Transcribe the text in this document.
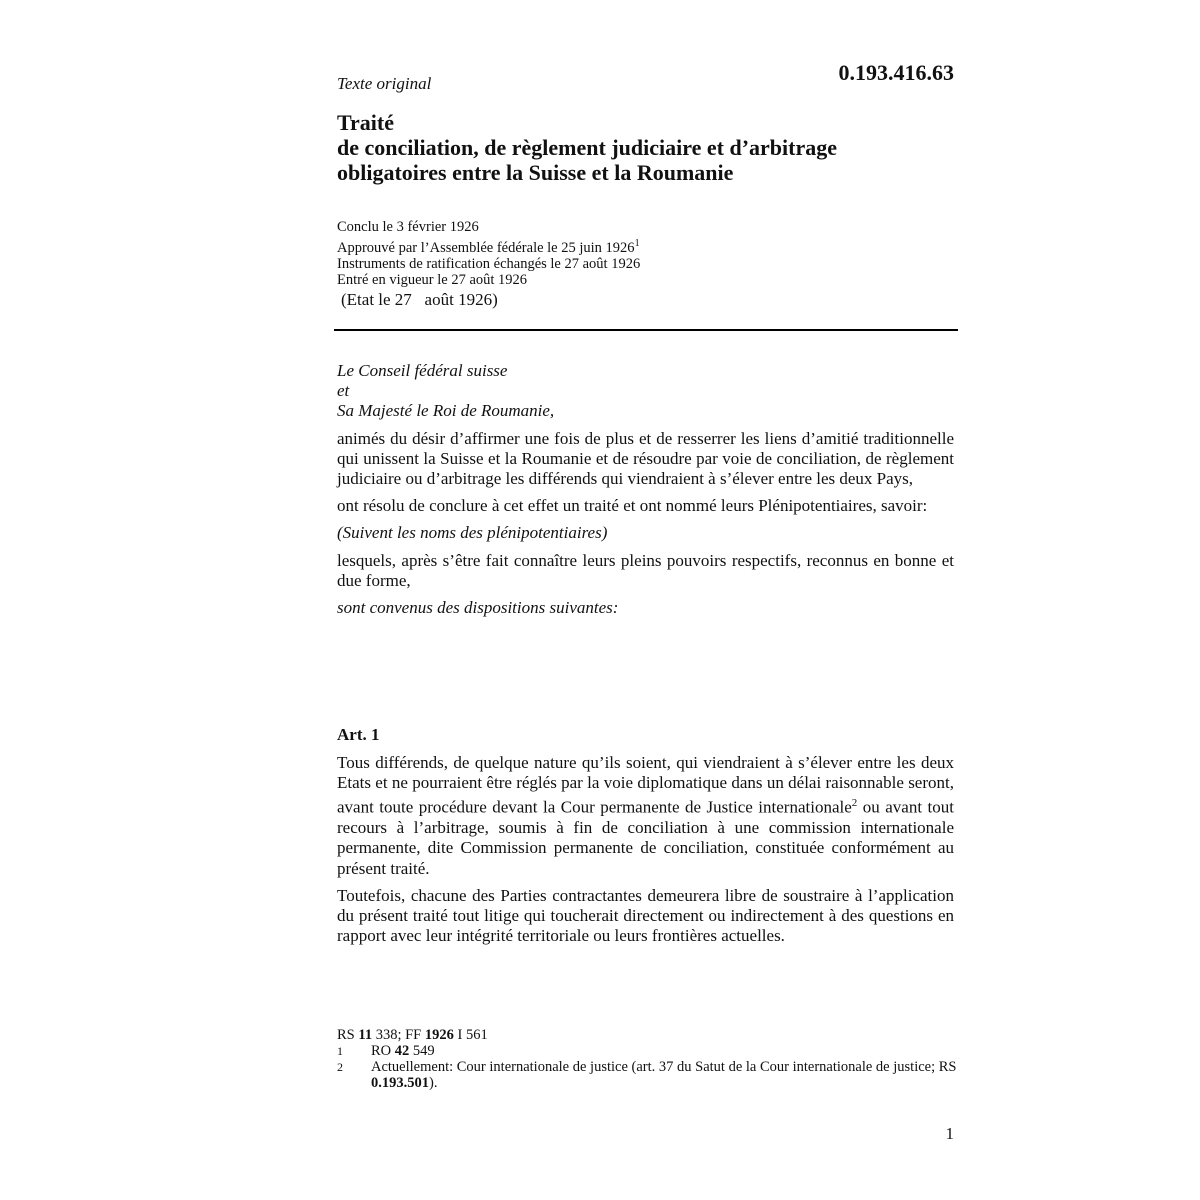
Texte original	0.193.416.63
Traité
de conciliation, de règlement judiciaire et d’arbitrage
obligatoires entre la Suisse et la Roumanie
Conclu le 3 février 1926
Approuvé par l’Assemblée fédérale le 25 juin 1926$^1$
Instruments de ratification échangés le 27 août 1926
Entré en vigueur le 27 août 1926
(Etat le 27   août 1926)
Le Conseil fédéral suisse
et
Sa Majesté le Roi de Roumanie,

animés du désir d’affirmer une fois de plus et de resserrer les liens d’amitié traditionnelle qui unissent la Suisse et la Roumanie et de résoudre par voie de conciliation, de règlement judiciaire ou d’arbitrage les différends qui viendraient à s’élever entre les deux Pays,

ont résolu de conclure à cet effet un traité et ont nommé leurs Plénipotentiaires, savoir:

(Suivent les noms des plénipotentiaires)

lesquels, après s’être fait connaître leurs pleins pouvoirs respectifs, reconnus en bonne et due forme,

sont convenus des dispositions suivantes:

Art. 1

Tous différends, de quelque nature qu’ils soient, qui viendraient à s’élever entre les deux Etats et ne pourraient être réglés par la voie diplomatique dans un délai raisonnable seront, avant toute procédure devant la Cour permanente de Justice internationale$^2$ ou avant tout recours à l’arbitrage, soumis à fin de conciliation à une commission internationale permanente, dite Commission permanente de conciliation, constituée conformément au présent traité.

Toutefois, chacune des Parties contractantes demeurera libre de soustraire à l’application du présent traité tout litige qui toucherait directement ou indirectement à des questions en rapport avec leur intégrité territoriale ou leurs frontières actuelles.

RS 11 338; FF 1926 I 561
1	RO 42 549
2	Actuellement: Cour internationale de justice (art. 37 du Satut de la Cour internationale de justice; RS 0.193.501).
1
